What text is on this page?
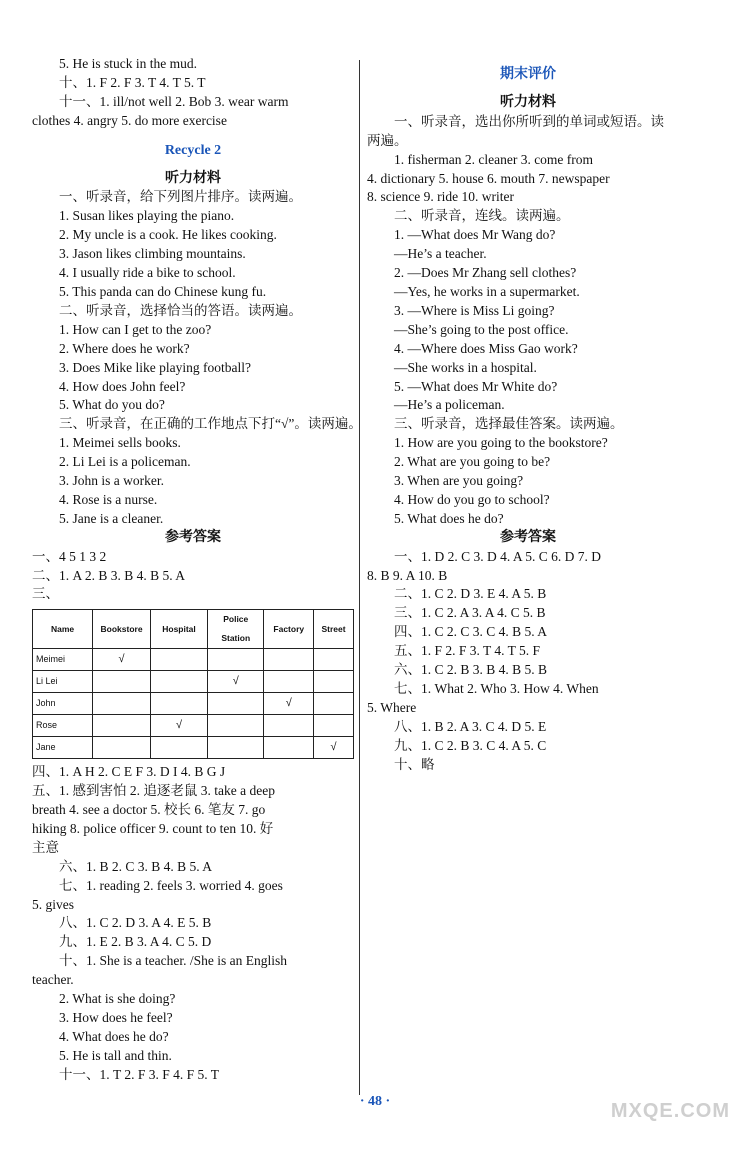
5. He is stuck in the mud.
十、1. F 2. F 3. T 4. T 5. T
十一、1. ill/not well 2. Bob 3. wear warm
clothes 4. angry 5. do more exercise
Recycle 2
听力材料
一、听录音，给下列图片排序。读两遍。
1. Susan likes playing the piano.
2. My uncle is a cook. He likes cooking.
3. Jason likes climbing mountains.
4. I usually ride a bike to school.
5. This panda can do Chinese kung fu.
二、听录音，选择恰当的答语。读两遍。
1. How can I get to the zoo?
2. Where does he work?
3. Does Mike like playing football?
4. How does John feel?
5. What do you do?
三、听录音，在正确的工作地点下打“√”。读两遍。
1. Meimei sells books.
2. Li Lei is a policeman.
3. John is a worker.
4. Rose is a nurse.
5. Jane is a cleaner.
参考答案
一、4 5 1 3 2
二、1. A 2. B 3. B 4. B 5. A
三、
Name	Bookstore	Hospital	Police Station	Factory	Street
Meimei	√				
Li Lei			√		
John				√	
Rose		√			
Jane					√
四、1. A H 2. C E F 3. D I 4. B G J
五、1. 感到害怕 2. 追逐老鼠 3. take a deep
breath 4. see a doctor 5. 校长 6. 笔友 7. go
hiking 8. police officer 9. count to ten 10. 好
主意
六、1. B 2. C 3. B 4. B 5. A
七、1. reading 2. feels 3. worried 4. goes
5. gives
八、1. C 2. D 3. A 4. E 5. B
九、1. E 2. B 3. A 4. C 5. D
十、1. She is a teacher. /She is an English
teacher.
2. What is she doing?
3. How does he feel?
4. What does he do?
5. He is tall and thin.
十一、1. T 2. F 3. F 4. F 5. T
期末评价
听力材料
一、听录音，选出你所听到的单词或短语。读
两遍。
1. fisherman 2. cleaner 3. come from
4. dictionary 5. house 6. mouth 7. newspaper
8. science 9. ride 10. writer
二、听录音，连线。读两遍。
1. —What does Mr Wang do?
—He’s a teacher.
2. —Does Mr Zhang sell clothes?
—Yes, he works in a supermarket.
3. —Where is Miss Li going?
—She’s going to the post office.
4. —Where does Miss Gao work?
—She works in a hospital.
5. —What does Mr White do?
—He’s a policeman.
三、听录音，选择最佳答案。读两遍。
1. How are you going to the bookstore?
2. What are you going to be?
3. When are you going?
4. How do you go to school?
5. What does he do?
参考答案
一、1. D 2. C 3. D 4. A 5. C 6. D 7. D
8. B 9. A 10. B
二、1. C 2. D 3. E 4. A 5. B
三、1. C 2. A 3. A 4. C 5. B
四、1. C 2. C 3. C 4. B 5. A
五、1. F 2. F 3. T 4. T 5. F
六、1. C 2. B 3. B 4. B 5. B
七、1. What 2. Who 3. How 4. When
5. Where
八、1. B 2. A 3. C 4. D 5. E
九、1. C 2. B 3. C 4. A 5. C
十、略
· 48 ·	MXQE.COM
